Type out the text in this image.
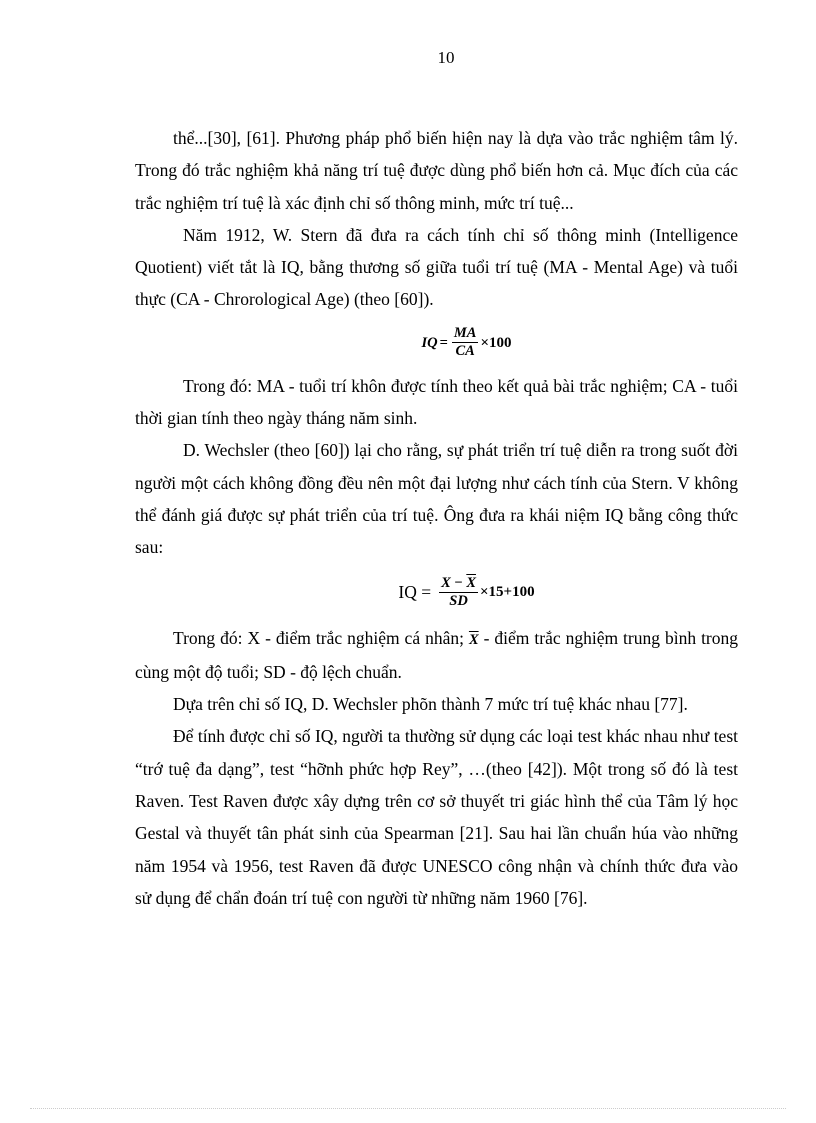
10

thể...[30], [61]. Phương pháp phổ biến hiện nay là dựa vào trắc nghiệm tâm lý. Trong đó trắc nghiệm khả năng trí tuệ được dùng phổ biến hơn cả. Mục đích của các trắc nghiệm trí tuệ là xác định chỉ số thông minh, mức trí tuệ...

Năm 1912, W. Stern đã đưa ra cách tính chỉ số thông minh (Intelligence Quotient) viết tắt là IQ, bằng thương số giữa tuổi trí tuệ (MA - Mental Age) và tuổi thực (CA - Chrorological Age) (theo [60]).

IQ = $\frac{MA}{CA} \times 100$

Trong đó: MA - tuổi trí khôn được tính theo kết quả bài trắc nghiệm; CA - tuổi thời gian tính theo ngày tháng năm sinh.

D. Wechsler (theo [60]) lại cho rằng, sự phát triển trí tuệ diễn ra trong suốt đời người một cách không đồng đều nên một đại lượng như cách tính của Stern. V không thể đánh giá được sự phát triển của trí tuệ. Ông đưa ra khái niệm IQ bằng công thức sau:

IQ = $\frac{X - \overline{X}}{SD} \times 15+100$

Trong đó: X - điểm trắc nghiệm cá nhân; $\overline{X}$ - điểm trắc nghiệm trung bình trong cùng một độ tuổi; SD - độ lệch chuẩn.

Dựa trên chỉ số IQ, D. Wechsler phõn thành 7 mức trí tuệ khác nhau [77].

Để tính được chỉ số IQ, người ta thường sử dụng các loại test khác nhau như test “trớ tuệ đa dạng”, test “hỡnh phức hợp Rey”, …(theo [42]). Một trong số đó là test Raven. Test Raven được xây dựng trên cơ sở thuyết tri giác hình thể của Tâm lý học Gestal và thuyết tân phát sinh của Spearman [21]. Sau hai lần chuẩn húa vào những năm 1954 và 1956, test Raven đã được UNESCO công nhận và chính thức đưa vào sử dụng để chẩn đoán trí tuệ con người từ những năm 1960 [76].
